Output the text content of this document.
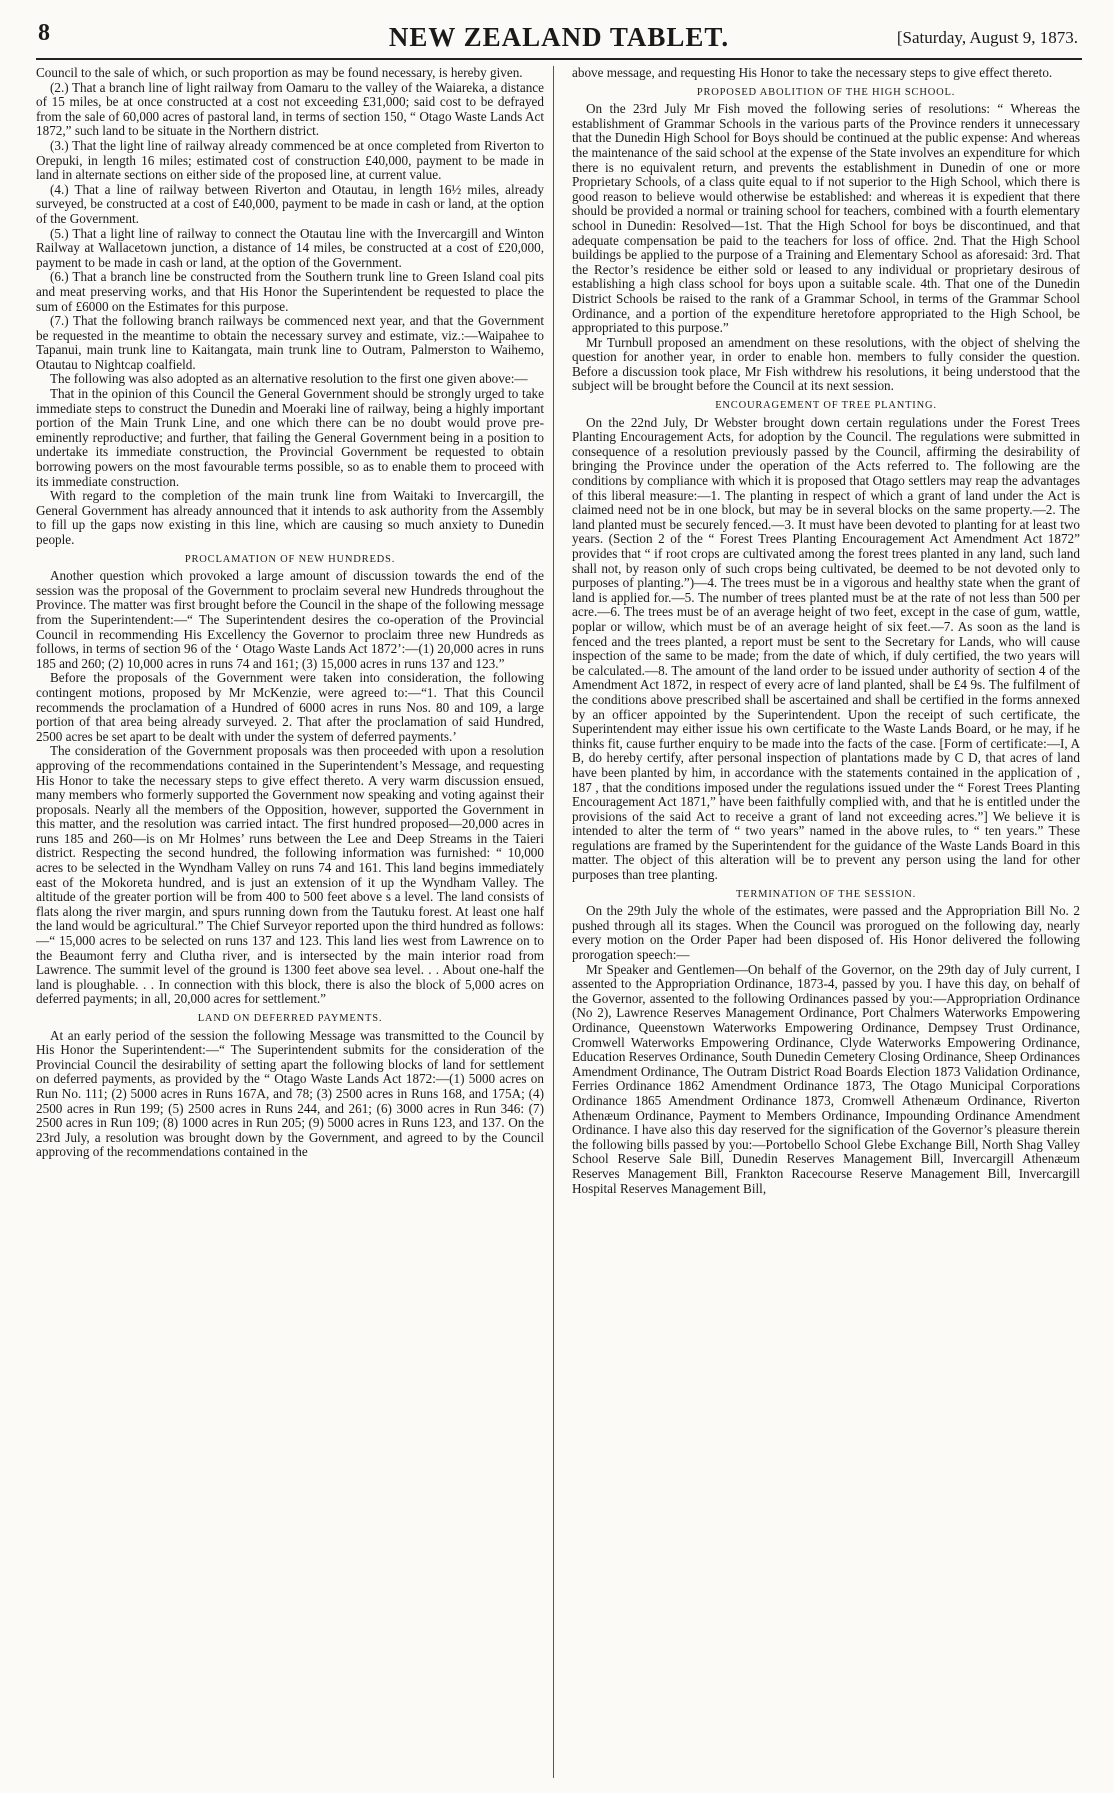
8	NEW ZEALAND TABLET.	[Saturday, August 9, 1873.

Council to the sale of which, or such proportion as may be found necessary, is hereby given.

(2.) That a branch line of light railway from Oamaru to the valley of the Waiareka, a distance of 15 miles, be at once constructed at a cost not exceeding £31,000; said cost to be defrayed from the sale of 60,000 acres of pastoral land, in terms of section 150, “ Otago Waste Lands Act 1872,” such land to be situate in the Northern district.

(3.) That the light line of railway already commenced be at once completed from Riverton to Orepuki, in length 16 miles; estimated cost of construction £40,000, payment to be made in land in alternate sections on either side of the proposed line, at current value.

(4.) That a line of railway between Riverton and Otautau, in length 16½ miles, already surveyed, be constructed at a cost of £40,000, payment to be made in cash or land, at the option of the Government.

(5.) That a light line of railway to connect the Otautau line with the Invercargill and Winton Railway at Wallacetown junction, a distance of 14 miles, be constructed at a cost of £20,000, payment to be made in cash or land, at the option of the Government.

(6.) That a branch line be constructed from the Southern trunk line to Green Island coal pits and meat preserving works, and that His Honor the Superintendent be requested to place the sum of £6000 on the Estimates for this purpose.

(7.) That the following branch railways be commenced next year, and that the Government be requested in the meantime to obtain the necessary survey and estimate, viz.:—Waipahee to Tapanui, main trunk line to Kaitangata, main trunk line to Outram, Palmerston to Waihemo, Otautau to Nightcap coalfield.

The following was also adopted as an alternative resolution to the first one given above:—

That in the opinion of this Council the General Government should be strongly urged to take immediate steps to construct the Dunedin and Moeraki line of railway, being a highly important portion of the Main Trunk Line, and one which there can be no doubt would prove pre-eminently reproductive; and further, that failing the General Government being in a position to undertake its immediate construction, the Provincial Government be requested to obtain borrowing powers on the most favourable terms possible, so as to enable them to proceed with its immediate construction.

With regard to the completion of the main trunk line from Waitaki to Invercargill, the General Government has already announced that it intends to ask authority from the Assembly to fill up the gaps now existing in this line, which are causing so much anxiety to Dunedin people.

PROCLAMATION OF NEW HUNDREDS.

Another question which provoked a large amount of discussion towards the end of the session was the proposal of the Government to proclaim several new Hundreds throughout the Province. The matter was first brought before the Council in the shape of the following message from the Superintendent:—“ The Superintendent desires the co-operation of the Provincial Council in recommending His Excellency the Governor to proclaim three new Hundreds as follows, in terms of section 96 of the ‘ Otago Waste Lands Act 1872’:—(1) 20,000 acres in runs 185 and 260; (2) 10,000 acres in runs 74 and 161; (3) 15,000 acres in runs 137 and 123.”

Before the proposals of the Government were taken into consideration, the following contingent motions, proposed by Mr McKenzie, were agreed to:—“1. That this Council recommends the proclamation of a Hundred of 6000 acres in runs Nos. 80 and 109, a large portion of that area being already surveyed. 2. That after the proclamation of said Hundred, 2500 acres be set apart to be dealt with under the system of deferred payments.’

The consideration of the Government proposals was then proceeded with upon a resolution approving of the recommendations contained in the Superintendent’s Message, and requesting His Honor to take the necessary steps to give effect thereto. A very warm discussion ensued, many members who formerly supported the Government now speaking and voting against their proposals. Nearly all the members of the Opposition, however, supported the Government in this matter, and the resolution was carried intact. The first hundred proposed—20,000 acres in runs 185 and 260—is on Mr Holmes’ runs between the Lee and Deep Streams in the Taieri district. Respecting the second hundred, the following information was furnished: “ 10,000 acres to be selected in the Wyndham Valley on runs 74 and 161. This land begins immediately east of the Mokoreta hundred, and is just an extension of it up the Wyndham Valley. The altitude of the greater portion will be from 400 to 500 feet above s a level. The land consists of flats along the river margin, and spurs running down from the Tautuku forest. At least one half the land would be agricultural.” The Chief Surveyor reported upon the third hundred as follows:—“ 15,000 acres to be selected on runs 137 and 123. This land lies west from Lawrence on to the Beaumont ferry and Clutha river, and is intersected by the main interior road from Lawrence. The summit level of the ground is 1300 feet above sea level. . . About one-half the land is ploughable. . . In connection with this block, there is also the block of 5,000 acres on deferred payments; in all, 20,000 acres for settlement.”

LAND ON DEFERRED PAYMENTS.

At an early period of the session the following Message was transmitted to the Council by His Honor the Superintendent:—“ The Superintendent submits for the consideration of the Provincial Council the desirability of setting apart the following blocks of land for settlement on deferred payments, as provided by the “ Otago Waste Lands Act 1872:—(1) 5000 acres on Run No. 111; (2) 5000 acres in Runs 167A, and 78; (3) 2500 acres in Runs 168, and 175A; (4) 2500 acres in Run 199; (5) 2500 acres in Runs 244, and 261; (6) 3000 acres in Run 346: (7) 2500 acres in Run 109; (8) 1000 acres in Run 205; (9) 5000 acres in Runs 123, and 137. On the 23rd July, a resolution was brought down by the Government, and agreed to by the Council approving of the recommendations contained in the

above message, and requesting His Honor to take the necessary steps to give effect thereto.

PROPOSED ABOLITION OF THE HIGH SCHOOL.

On the 23rd July Mr Fish moved the following series of resolutions: “ Whereas the establishment of Grammar Schools in the various parts of the Province renders it unnecessary that the Dunedin High School for Boys should be continued at the public expense: And whereas the maintenance of the said school at the expense of the State involves an expenditure for which there is no equivalent return, and prevents the establishment in Dunedin of one or more Proprietary Schools, of a class quite equal to if not superior to the High School, which there is good reason to believe would otherwise be established: and whereas it is expedient that there should be provided a normal or training school for teachers, combined with a fourth elementary school in Dunedin: Resolved—1st. That the High School for boys be discontinued, and that adequate compensation be paid to the teachers for loss of office. 2nd. That the High School buildings be applied to the purpose of a Training and Elementary School as aforesaid: 3rd. That the Rector’s residence be either sold or leased to any individual or proprietary desirous of establishing a high class school for boys upon a suitable scale. 4th. That one of the Dunedin District Schools be raised to the rank of a Grammar School, in terms of the Grammar School Ordinance, and a portion of the expenditure heretofore appropriated to the High School, be appropriated to this purpose.”

Mr Turnbull proposed an amendment on these resolutions, with the object of shelving the question for another year, in order to enable hon. members to fully consider the question. Before a discussion took place, Mr Fish withdrew his resolutions, it being understood that the subject will be brought before the Council at its next session.

ENCOURAGEMENT OF TREE PLANTING.

On the 22nd July, Dr Webster brought down certain regulations under the Forest Trees Planting Encouragement Acts, for adoption by the Council. The regulations were submitted in consequence of a resolution previously passed by the Council, affirming the desirability of bringing the Province under the operation of the Acts referred to. The following are the conditions by compliance with which it is proposed that Otago settlers may reap the advantages of this liberal measure:—1. The planting in respect of which a grant of land under the Act is claimed need not be in one block, but may be in several blocks on the same property.—2. The land planted must be securely fenced.—3. It must have been devoted to planting for at least two years. (Section 2 of the “ Forest Trees Planting Encouragement Act Amendment Act 1872” provides that “ if root crops are cultivated among the forest trees planted in any land, such land shall not, by reason only of such crops being cultivated, be deemed to be not devoted only to purposes of planting.”)—4. The trees must be in a vigorous and healthy state when the grant of land is applied for.—5. The number of trees planted must be at the rate of not less than 500 per acre.—6. The trees must be of an average height of two feet, except in the case of gum, wattle, poplar or willow, which must be of an average height of six feet.—7. As soon as the land is fenced and the trees planted, a report must be sent to the Secretary for Lands, who will cause inspection of the same to be made; from the date of which, if duly certified, the two years will be calculated.—8. The amount of the land order to be issued under authority of section 4 of the Amendment Act 1872, in respect of every acre of land planted, shall be £4 9s. The fulfilment of the conditions above prescribed shall be ascertained and shall be certified in the forms annexed by an officer appointed by the Superintendent. Upon the receipt of such certificate, the Superintendent may either issue his own certificate to the Waste Lands Board, or he may, if he thinks fit, cause further enquiry to be made into the facts of the case. [Form of certificate:—I, A B, do hereby certify, after personal inspection of plantations made by C D, that acres of land have been planted by him, in accordance with the statements contained in the application of , 187 , that the conditions imposed under the regulations issued under the “ Forest Trees Planting Encouragement Act 1871,” have been faithfully complied with, and that he is entitled under the provisions of the said Act to receive a grant of land not exceeding acres.”] We believe it is intended to alter the term of “ two years” named in the above rules, to “ ten years.” These regulations are framed by the Superintendent for the guidance of the Waste Lands Board in this matter. The object of this alteration will be to prevent any person using the land for other purposes than tree planting.

TERMINATION OF THE SESSION.

On the 29th July the whole of the estimates, were passed and the Appropriation Bill No. 2 pushed through all its stages. When the Council was prorogued on the following day, nearly every motion on the Order Paper had been disposed of. His Honor delivered the following prorogation speech:—

Mr Speaker and Gentlemen—On behalf of the Governor, on the 29th day of July current, I assented to the Appropriation Ordinance, 1873-4, passed by you. I have this day, on behalf of the Governor, assented to the following Ordinances passed by you:—Appropriation Ordinance (No 2), Lawrence Reserves Management Ordinance, Port Chalmers Waterworks Empowering Ordinance, Queenstown Waterworks Empowering Ordinance, Dempsey Trust Ordinance, Cromwell Waterworks Empowering Ordinance, Clyde Waterworks Empowering Ordinance, Education Reserves Ordinance, South Dunedin Cemetery Closing Ordinance, Sheep Ordinances Amendment Ordinance, The Outram District Road Boards Election 1873 Validation Ordinance, Ferries Ordinance 1862 Amendment Ordinance 1873, The Otago Municipal Corporations Ordinance 1865 Amendment Ordinance 1873, Cromwell Athenæum Ordinance, Riverton Athenæum Ordinance, Payment to Members Ordinance, Impounding Ordinance Amendment Ordinance. I have also this day reserved for the signification of the Governor’s pleasure therein the following bills passed by you:—Portobello School Glebe Exchange Bill, North Shag Valley School Reserve Sale Bill, Dunedin Reserves Management Bill, Invercargill Athenæum Reserves Management Bill, Frankton Racecourse Reserve Management Bill, Invercargill Hospital Reserves Management Bill,
